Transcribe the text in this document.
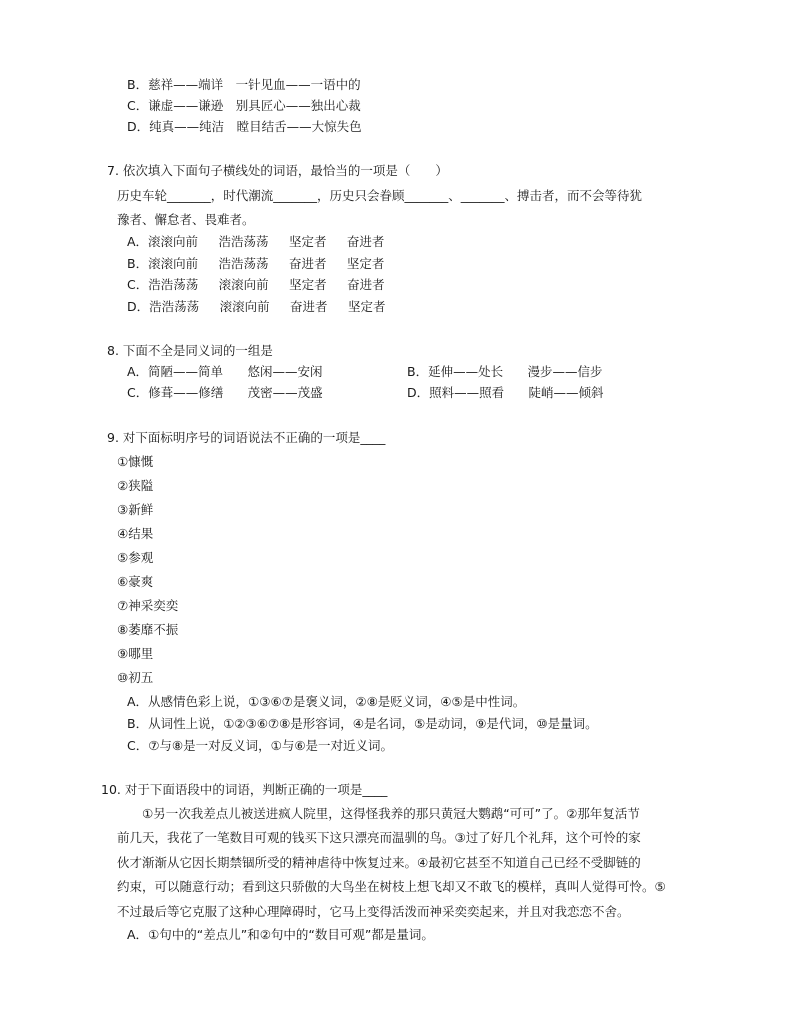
B．慈祥——端详　一针见血——一语中的
C．谦虚——谦逊　别具匠心——独出心裁
D．纯真——纯洁　瞠目结舌——大惊失色
7. 依次填入下面句子横线处的词语，最恰当的一项是（　　）
历史车轮_______，时代潮流_______，历史只会眷顾_______、_______、搏击者，而不会等待犹
豫者、懈怠者、畏难者。
A．滚滚向前　  浩浩荡荡　  坚定者　  奋进者
B．滚滚向前　  浩浩荡荡　  奋进者　  坚定者
C．浩浩荡荡　  滚滚向前　  坚定者　  奋进者
D．浩浩荡荡　  滚滚向前　  奋进者　  坚定者
8. 下面不全是同义词的一组是
A．简陋——简单　   悠闲——安闲	B．延伸——处长　   漫步——信步
C．修葺——修缮　   茂密——茂盛	D．照料——照看　   陡峭——倾斜
9. 对下面标明序号的词语说法不正确的一项是____
①慷慨
②狭隘
③新鲜
④结果
⑤参观
⑥豪爽
⑦神采奕奕
⑧萎靡不振
⑨哪里
⑩初五
A．从感情色彩上说，①③⑥⑦是褒义词，②⑧是贬义词，④⑤是中性词。
B．从词性上说，①②③⑥⑦⑧是形容词，④是名词，⑤是动词，⑨是代词，⑩是量词。
C．⑦与⑧是一对反义词，①与⑥是一对近义词。
10. 对于下面语段中的词语，判断正确的一项是____
　　①另一次我差点儿被送进疯人院里，这得怪我养的那只黄冠大鹦鹉“可可”了。②那年复活节
前几天，我花了一笔数目可观的钱买下这只漂亮而温驯的鸟。③过了好几个礼拜，这个可怜的家
伙才渐渐从它因长期禁锢所受的精神虐待中恢复过来。④最初它甚至不知道自己已经不受脚链的
约束，可以随意行动；看到这只骄傲的大鸟坐在树枝上想飞却又不敢飞的模样，真叫人觉得可怜。⑤
不过最后等它克服了这种心理障碍时，它马上变得活泼而神采奕奕起来，并且对我恋恋不舍。
A．①句中的“差点儿”和②句中的“数目可观”都是量词。
